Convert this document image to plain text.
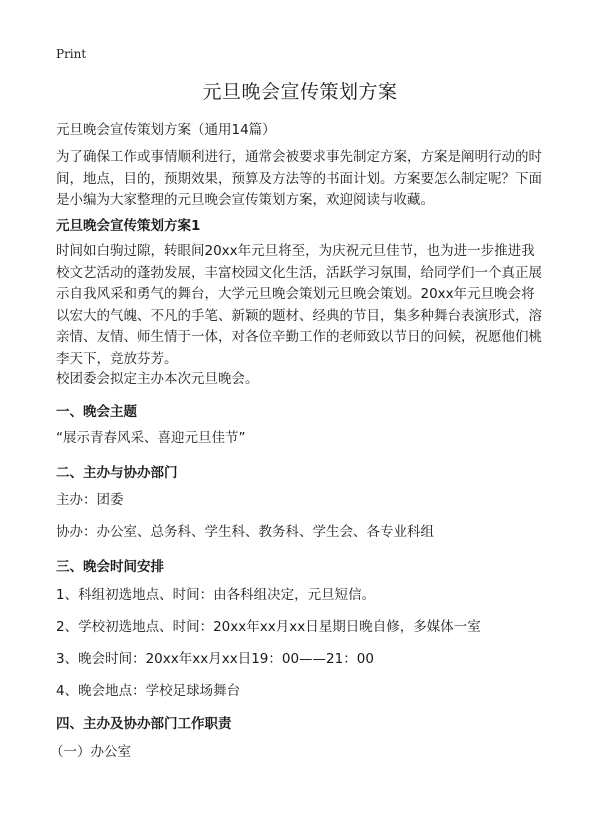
Print
元旦晚会宣传策划方案
元旦晚会宣传策划方案（通用14篇）
为了确保工作或事情顺利进行，通常会被要求事先制定方案，方案是阐明行动的时间，地点，目的，预期效果，预算及方法等的书面计划。方案要怎么制定呢？下面是小编为大家整理的元旦晚会宣传策划方案，欢迎阅读与收藏。
元旦晚会宣传策划方案1
时间如白驹过隙，转眼间20xx年元旦将至，为庆祝元旦佳节，也为进一步推进我校文艺活动的蓬勃发展，丰富校园文化生活，活跃学习氛围，给同学们一个真正展示自我风采和勇气的舞台，大学元旦晚会策划元旦晚会策划。20xx年元旦晚会将以宏大的气魄、不凡的手笔、新颖的题材、经典的节目，集多种舞台表演形式，溶亲情、友情、师生情于一体，对各位辛勤工作的老师致以节日的问候，祝愿他们桃李天下，竞放芬芳。
校团委会拟定主办本次元旦晚会。
一、晚会主题
“展示青春风采、喜迎元旦佳节”
二、主办与协办部门
主办：团委
协办：办公室、总务科、学生科、教务科、学生会、各专业科组
三、晚会时间安排
1、科组初选地点、时间：由各科组决定，元旦短信。
2、学校初选地点、时间：20xx年xx月xx日星期日晚自修，多媒体一室
3、晚会时间：20xx年xx月xx日19：00——21：00
4、晚会地点：学校足球场舞台
四、主办及协办部门工作职责
（一）办公室
